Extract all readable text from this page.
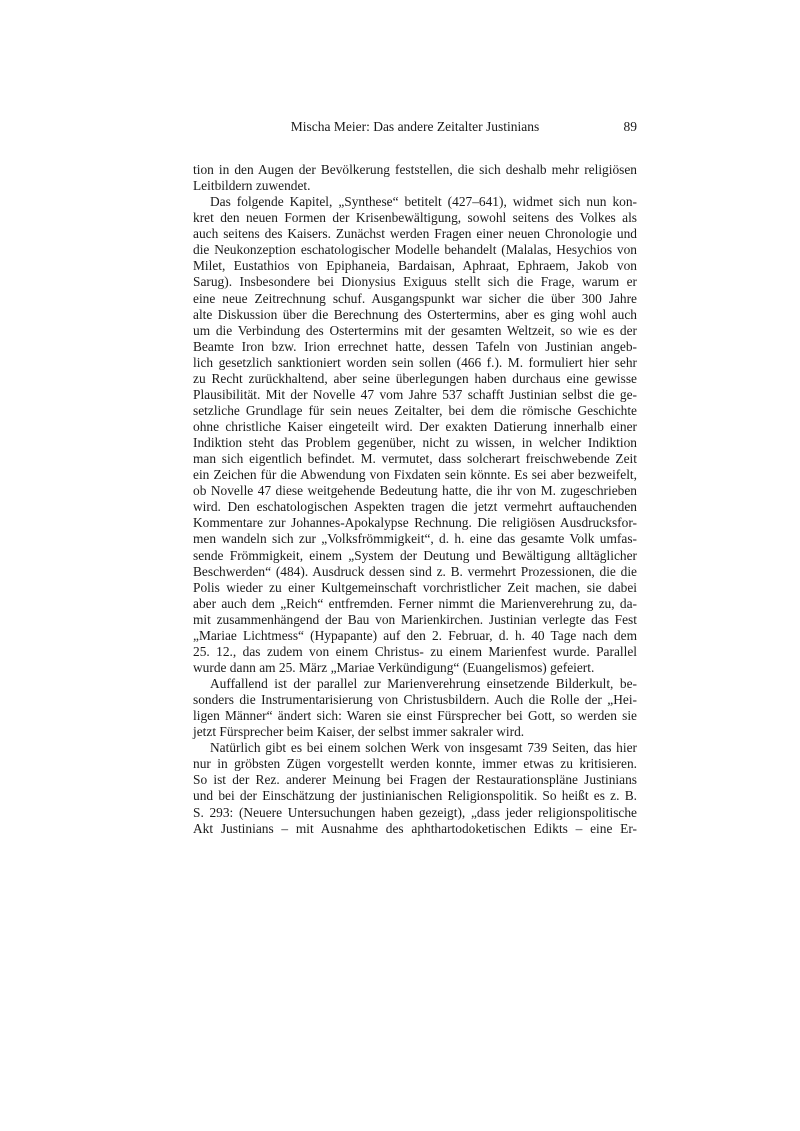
Mischa Meier: Das andere Zeitalter Justinians	89
tion in den Augen der Bevölkerung feststellen, die sich deshalb mehr religiösen
Leitbildern zuwendet.
Das folgende Kapitel, „Synthese“ betitelt (427–641), widmet sich nun kon-
kret den neuen Formen der Krisenbewältigung, sowohl seitens des Volkes als
auch seitens des Kaisers. Zunächst werden Fragen einer neuen Chronologie und
die Neukonzeption eschatologischer Modelle behandelt (Malalas, Hesychios von
Milet, Eustathios von Epiphaneia, Bardaisan, Aphraat, Ephraem, Jakob von
Sarug). Insbesondere bei Dionysius Exiguus stellt sich die Frage, warum er
eine neue Zeitrechnung schuf. Ausgangspunkt war sicher die über 300 Jahre
alte Diskussion über die Berechnung des Ostertermins, aber es ging wohl auch
um die Verbindung des Ostertermins mit der gesamten Weltzeit, so wie es der
Beamte Iron bzw. Irion errechnet hatte, dessen Tafeln von Justinian angeb-
lich gesetzlich sanktioniert worden sein sollen (466 f.). M. formuliert hier sehr
zu Recht zurückhaltend, aber seine überlegungen haben durchaus eine gewisse
Plausibilität. Mit der Novelle 47 vom Jahre 537 schafft Justinian selbst die ge-
setzliche Grundlage für sein neues Zeitalter, bei dem die römische Geschichte
ohne christliche Kaiser eingeteilt wird. Der exakten Datierung innerhalb einer
Indiktion steht das Problem gegenüber, nicht zu wissen, in welcher Indiktion
man sich eigentlich befindet. M. vermutet, dass solcherart freischwebende Zeit
ein Zeichen für die Abwendung von Fixdaten sein könnte. Es sei aber bezweifelt,
ob Novelle 47 diese weitgehende Bedeutung hatte, die ihr von M. zugeschrieben
wird. Den eschatologischen Aspekten tragen die jetzt vermehrt auftauchenden
Kommentare zur Johannes-Apokalypse Rechnung. Die religiösen Ausdrucksfor-
men wandeln sich zur „Volksfrömmigkeit“, d. h. eine das gesamte Volk umfas-
sende Frömmigkeit, einem „System der Deutung und Bewältigung alltäglicher
Beschwerden“ (484). Ausdruck dessen sind z. B. vermehrt Prozessionen, die die
Polis wieder zu einer Kultgemeinschaft vorchristlicher Zeit machen, sie dabei
aber auch dem „Reich“ entfremden. Ferner nimmt die Marienverehrung zu, da-
mit zusammenhängend der Bau von Marienkirchen. Justinian verlegte das Fest
„Mariae Lichtmess“ (Hypapante) auf den 2. Februar, d. h. 40 Tage nach dem
25. 12., das zudem von einem Christus- zu einem Marienfest wurde. Parallel
wurde dann am 25. März „Mariae Verkündigung“ (Euangelismos) gefeiert.
Auffallend ist der parallel zur Marienverehrung einsetzende Bilderkult, be-
sonders die Instrumentarisierung von Christusbildern. Auch die Rolle der „Hei-
ligen Männer“ ändert sich: Waren sie einst Fürsprecher bei Gott, so werden sie
jetzt Fürsprecher beim Kaiser, der selbst immer sakraler wird.
Natürlich gibt es bei einem solchen Werk von insgesamt 739 Seiten, das hier
nur in gröbsten Zügen vorgestellt werden konnte, immer etwas zu kritisieren.
So ist der Rez. anderer Meinung bei Fragen der Restaurationspläne Justinians
und bei der Einschätzung der justinianischen Religionspolitik. So heißt es z. B.
S. 293: (Neuere Untersuchungen haben gezeigt), „dass jeder religionspolitische
Akt Justinians – mit Ausnahme des aphthartodoketischen Edikts – eine Er-
